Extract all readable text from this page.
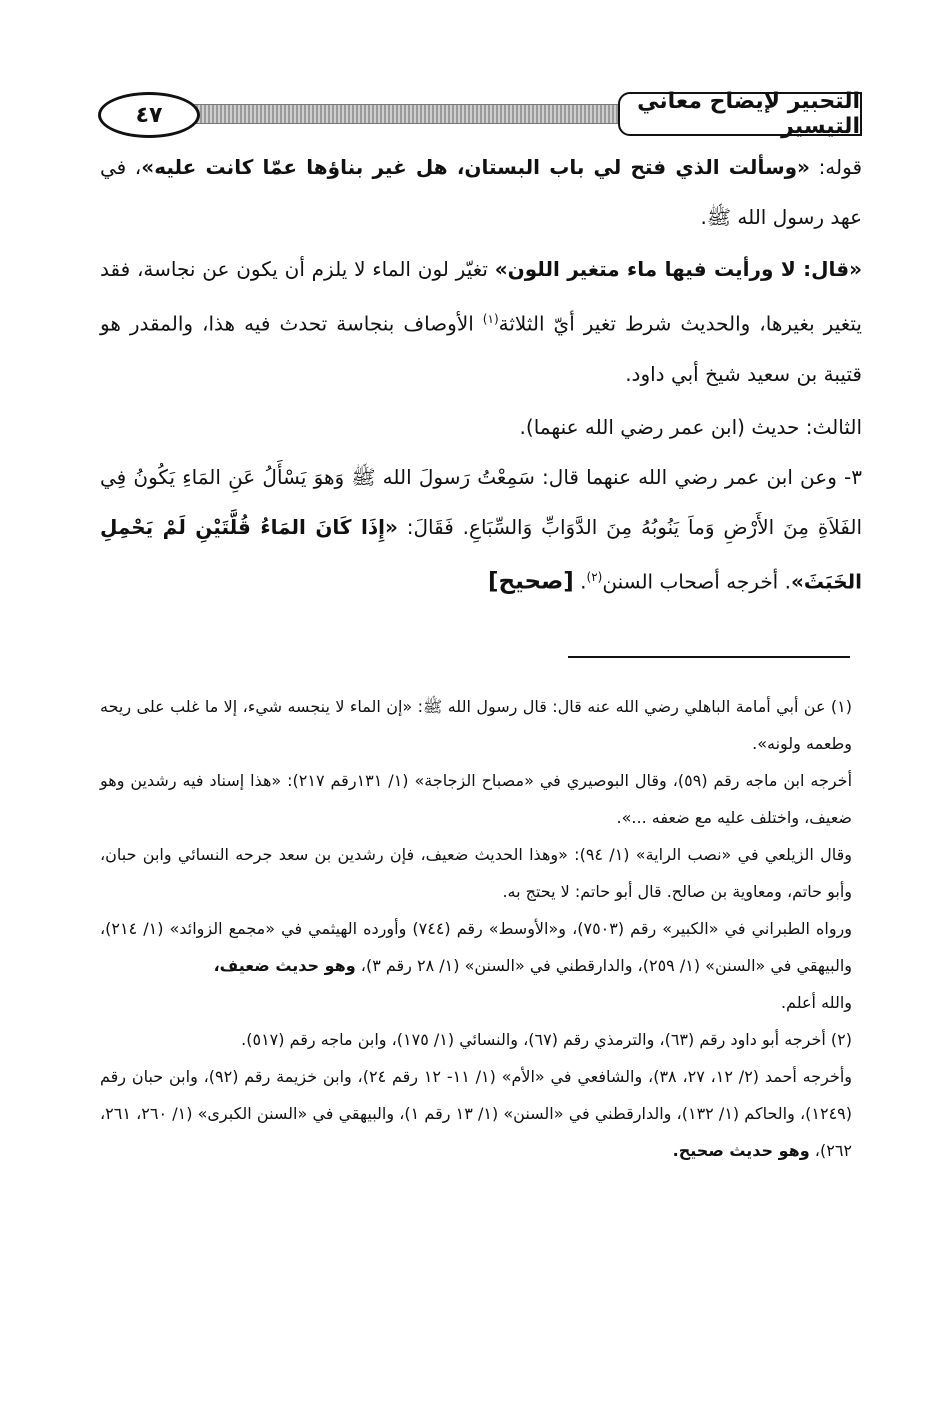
التحبير لإيضاح معاني التيسير
٤٧
قوله: «وسألت الذي فتح لي باب البستان، هل غير بناؤها عمّا كانت عليه»، في عهد رسول الله ﷺ.
«قال: لا ورأيت فيها ماء متغير اللون» تغيّر لون الماء لا يلزم أن يكون عن نجاسة، فقد يتغير بغيرها، والحديث شرط تغير أيّ الثلاثة$^{(١)}$ الأوصاف بنجاسة تحدث فيه هذا، والمقدر هو قتيبة بن سعيد شيخ أبي داود.
الثالث: حديث (ابن عمر رضي الله عنهما).
٣- وعن ابن عمر رضي الله عنهما قال: سَمِعْتُ رَسولَ الله ﷺ وَهوَ يَسْأَلُ عَنِ المَاءِ يَكُونُ فِي الفَلاَةِ مِنَ الأَرْضِ وَماَ يَنُوبُهُ مِنَ الدَّوَابِّ وَالسِّبَاعِ. فَقَالَ: «إِذَا كَانَ المَاءُ قُلَّتَيْنِ لَمْ يَحْمِلِ الخَبَثَ». أخرجه أصحاب السنن$^{(٢)}$. [صحيح]

(١) عن أبي أمامة الباهلي رضي الله عنه قال: قال رسول الله ﷺ: «إن الماء لا ينجسه شيء، إلا ما غلب على ريحه وطعمه ولونه».

أخرجه ابن ماجه رقم (٥٩)، وقال البوصيري في «مصباح الزجاجة» (١/ ١٣١رقم ٢١٧): «هذا إسناد فيه رشدين وهو ضعيف، واختلف عليه مع ضعفه ...».

وقال الزيلعي في «نصب الراية» (١/ ٩٤): «وهذا الحديث ضعيف، فإن رشدين بن سعد جرحه النسائي وابن حبان، وأبو حاتم، ومعاوية بن صالح. قال أبو حاتم: لا يحتج به.

ورواه الطبراني في «الكبير» رقم (٧٥٠٣)، و«الأوسط» رقم (٧٤٤) وأورده الهيثمي في «مجمع الزوائد» (١/ ٢١٤)، والبيهقي في «السنن» (١/ ٢٥٩)، والدارقطني في «السنن» (١/ ٢٨ رقم ٣)، وهو حديث ضعيف،

والله أعلم.

(٢) أخرجه أبو داود رقم (٦٣)، والترمذي رقم (٦٧)، والنسائي (١/ ١٧٥)، وابن ماجه رقم (٥١٧).

وأخرجه أحمد (٢/ ١٢، ٢٧، ٣٨)، والشافعي في «الأم» (١/ ١١- ١٢ رقم ٢٤)، وابن خزيمة رقم (٩٢)، وابن حبان رقم (١٢٤٩)، والحاكم (١/ ١٣٢)، والدارقطني في «السنن» (١/ ١٣ رقم ١)، والبيهقي في «السنن الكبرى» (١/ ٢٦٠، ٢٦١، ٢٦٢)، وهو حديث صحيح.
